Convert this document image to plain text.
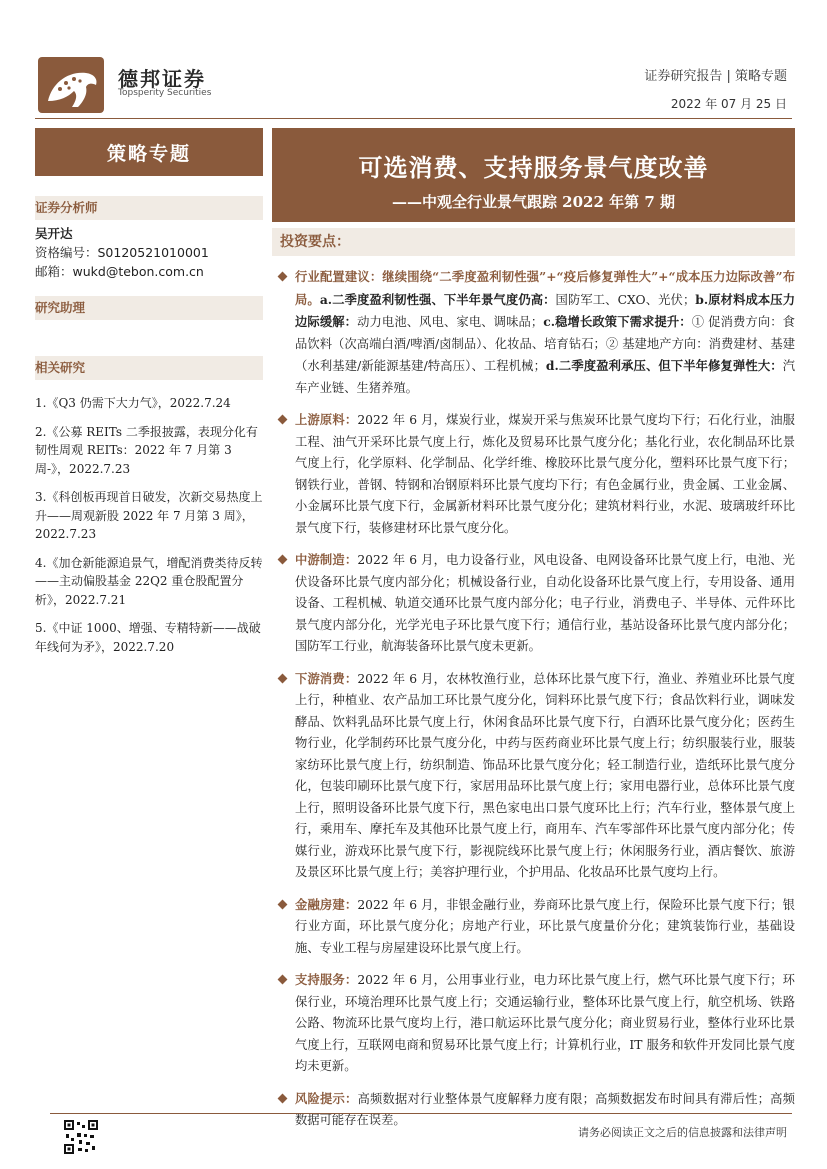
德邦证券
Topsperity Securities
证券研究报告 | 策略专题
2022 年 07 月 25 日
策略专题
证券分析师
吴开达
资格编号：S0120521010001
邮箱：wukd@tebon.com.cn
研究助理
相关研究
1.《Q3 仍需下大力气》，2022.7.24
2.《公募 REITs 二季报披露，表现分化有韧性周观 REITs：2022 年 7 月第 3 周-》，2022.7.23
3.《科创板再现首日破发，次新交易热度上升——周观新股 2022 年 7 月第 3 周》，2022.7.23
4.《加仓新能源追景气，增配消费类待反转——主动偏股基金 22Q2 重仓股配置分析》，2022.7.21
5.《中证 1000、增强、专精特新——战破年线何为矛》，2022.7.20
可选消费、支持服务景气度改善
——中观全行业景气跟踪 2022 年第 7 期
投资要点：
行业配置建议：继续围绕“二季度盈利韧性强”+“疫后修复弹性大”+“成本压力边际改善”布局。a.二季度盈利韧性强、下半年景气度仍高：国防军工、CXO、光伏；b.原材料成本压力边际缓解：动力电池、风电、家电、调味品；c.稳增长政策下需求提升：① 促消费方向：食品饮料（次高端白酒/啤酒/卤制品）、化妆品、培育钻石；② 基建地产方向：消费建材、基建（水利基建/新能源基建/特高压）、工程机械；d.二季度盈利承压、但下半年修复弹性大：汽车产业链、生猪养殖。
上游原料：2022 年 6 月，煤炭行业，煤炭开采与焦炭环比景气度均下行；石化行业，油服工程、油气开采环比景气度上行，炼化及贸易环比景气度分化；基化行业，农化制品环比景气度上行，化学原料、化学制品、化学纤维、橡胶环比景气度分化，塑料环比景气度下行；钢铁行业，普钢、特钢和冶钢原料环比景气度均下行；有色金属行业，贵金属、工业金属、小金属环比景气度下行，金属新材料环比景气度分化；建筑材料行业，水泥、玻璃玻纤环比景气度下行，装修建材环比景气度分化。
中游制造：2022 年 6 月，电力设备行业，风电设备、电网设备环比景气度上行，电池、光伏设备环比景气度内部分化；机械设备行业，自动化设备环比景气度上行，专用设备、通用设备、工程机械、轨道交通环比景气度内部分化；电子行业，消费电子、半导体、元件环比景气度内部分化，光学光电子环比景气度下行；通信行业，基站设备环比景气度内部分化；国防军工行业，航海装备环比景气度未更新。
下游消费：2022 年 6 月，农林牧渔行业，总体环比景气度下行，渔业、养殖业环比景气度上行，种植业、农产品加工环比景气度分化，饲料环比景气度下行；食品饮料行业，调味发酵品、饮料乳品环比景气度上行，休闲食品环比景气度下行，白酒环比景气度分化；医药生物行业，化学制药环比景气度分化，中药与医药商业环比景气度上行；纺织服装行业，服装家纺环比景气度上行，纺织制造、饰品环比景气度分化；轻工制造行业，造纸环比景气度分化，包装印刷环比景气度下行，家居用品环比景气度上行；家用电器行业，总体环比景气度上行，照明设备环比景气度下行，黑色家电出口景气度环比上行；汽车行业，整体景气度上行，乘用车、摩托车及其他环比景气度上行，商用车、汽车零部件环比景气度内部分化；传媒行业，游戏环比景气度下行，影视院线环比景气度上行；休闲服务行业，酒店餐饮、旅游及景区环比景气度上行；美容护理行业，个护用品、化妆品环比景气度均上行。
金融房建：2022 年 6 月，非银金融行业，券商环比景气度上行，保险环比景气度下行；银行业方面，环比景气度分化；房地产行业，环比景气度量价分化；建筑装饰行业，基础设施、专业工程与房屋建设环比景气度上行。
支持服务：2022 年 6 月，公用事业行业，电力环比景气度上行，燃气环比景气度下行；环保行业，环境治理环比景气度上行；交通运输行业，整体环比景气度上行，航空机场、铁路公路、物流环比景气度均上行，港口航运环比景气度分化；商业贸易行业，整体行业环比景气度上行，互联网电商和贸易环比景气度上行；计算机行业，IT 服务和软件开发同比景气度均未更新。
风险提示：高频数据对行业整体景气度解释力度有限；高频数据发布时间具有滞后性；高频数据可能存在误差。
请务必阅读正文之后的信息披露和法律声明
